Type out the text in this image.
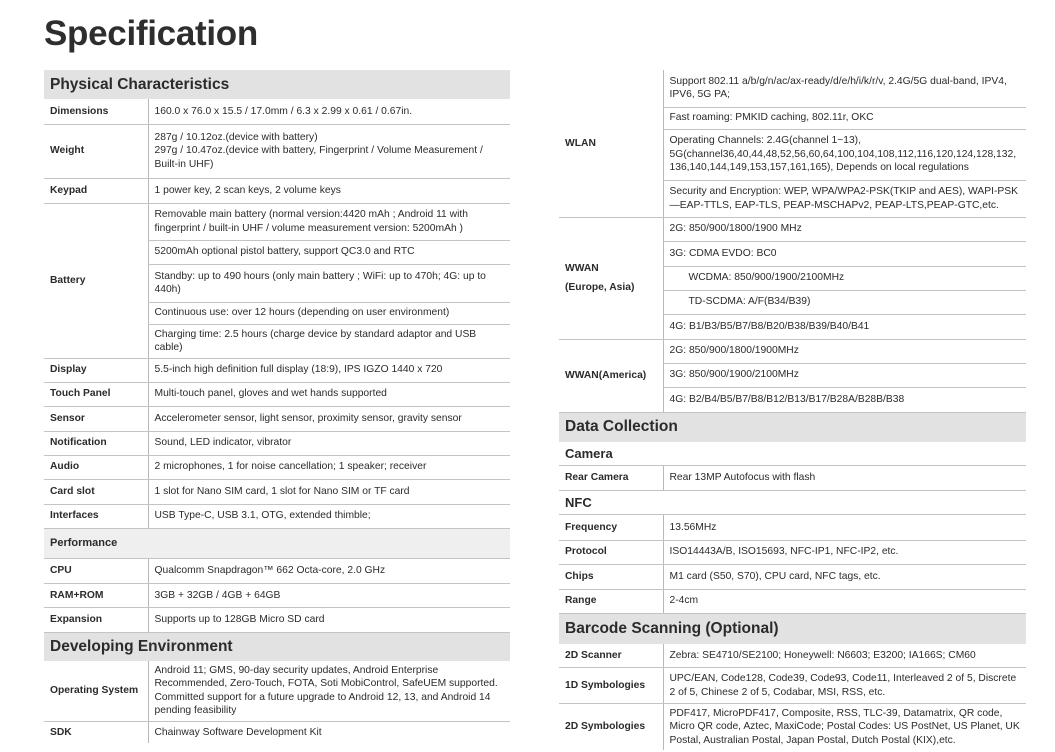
Specification
Physical Characteristics
Dimensions	160.0 x 76.0 x 15.5 / 17.0mm / 6.3 x 2.99 x 0.61 / 0.67in.
Weight	287g / 10.12oz.(device with battery)
297g / 10.47oz.(device with battery, Fingerprint / Volume Measurement / Built-in UHF)

Keypad	1 power key, 2 scan keys, 2 volume keys
Battery	Removable main battery (normal version:4420 mAh ; Android 11 with fingerprint / built-in UHF / volume measurement version: 5200mAh )
	5200mAh optional pistol battery, support QC3.0 and RTC
	Standby: up to 490 hours (only main battery ; WiFi: up to 470h; 4G: up to 440h)
	Continuous use: over 12 hours (depending on user environment)
	Charging time: 2.5 hours (charge device by standard adaptor and USB cable)
Display	5.5-inch high definition full display (18:9), IPS IGZO 1440 x 720
Touch Panel	Multi-touch panel, gloves and wet hands supported
Sensor	Accelerometer sensor, light sensor, proximity sensor, gravity sensor
Notification	Sound, LED indicator, vibrator
Audio	2 microphones, 1 for noise cancellation; 1 speaker; receiver
Card slot	1 slot for Nano SIM card, 1 slot for Nano SIM or TF card
Interfaces	USB Type-C, USB 3.1, OTG, extended thimble;
Performance
CPU	Qualcomm Snapdragon™ 662 Octa-core, 2.0 GHz
RAM+ROM	3GB + 32GB / 4GB + 64GB
Expansion	Supports up to 128GB Micro SD card
Developing Environment
Operating System	Android 11; GMS, 90-day security updates, Android Enterprise Recommended, Zero-Touch, FOTA, Soti MobiControl, SafeUEM supported. Committed support for a future upgrade to Android 12, 13, and Android 14 pending feasibility
SDK	Chainway Software Development Kit
WLAN	Support 802.11 a/b/g/n/ac/ax-ready/d/e/h/i/k/r/v, 2.4G/5G dual-band, IPV4, IPV6, 5G PA;
	Fast roaming: PMKID caching, 802.11r, OKC
	Operating Channels: 2.4G(channel 1~13), 5G(channel36,40,44,48,52,56,60,64,100,104,108,112,116,120,124,128,132, 136,140,144,149,153,157,161,165), Depends on local regulations
	Security and Encryption: WEP, WPA/WPA2-PSK(TKIP and AES), WAPI-PSK—EAP-TTLS, EAP-TLS, PEAP-MSCHAPv2, PEAP-LTS,PEAP-GTC,etc.

WWAN
(Europe, Asia)	2G: 850/900/1800/1900 MHz
	3G: CDMA EVDO: BC0
	WCDMA: 850/900/1900/2100MHz
	TD-SCDMA: A/F(B34/B39)
	4G: B1/B3/B5/B7/B8/B20/B38/B39/B40/B41
WWAN(America)	2G: 850/900/1800/1900MHz
	3G: 850/900/1900/2100MHz
	4G: B2/B4/B5/B7/B8/B12/B13/B17/B28A/B28B/B38
Data Collection
Camera
Rear Camera	Rear 13MP Autofocus with flash
NFC
Frequency	13.56MHz
Protocol	ISO14443A/B, ISO15693, NFC-IP1, NFC-IP2, etc.
Chips	M1 card (S50, S70), CPU card, NFC tags, etc.
Range	2-4cm
Barcode Scanning (Optional)
2D Scanner	Zebra: SE4710/SE2100; Honeywell: N6603; E3200; IA166S; CM60
1D Symbologies	UPC/EAN, Code128, Code39, Code93, Code11, Interleaved 2 of 5, Discrete 2 of 5, Chinese 2 of 5, Codabar, MSI, RSS, etc.
2D Symbologies	PDF417, MicroPDF417, Composite, RSS, TLC-39, Datamatrix, QR code, Micro QR code, Aztec, MaxiCode; Postal Codes: US PostNet, US Planet, UK Postal, Australian Postal, Japan Postal, Dutch Postal (KIX),etc.
